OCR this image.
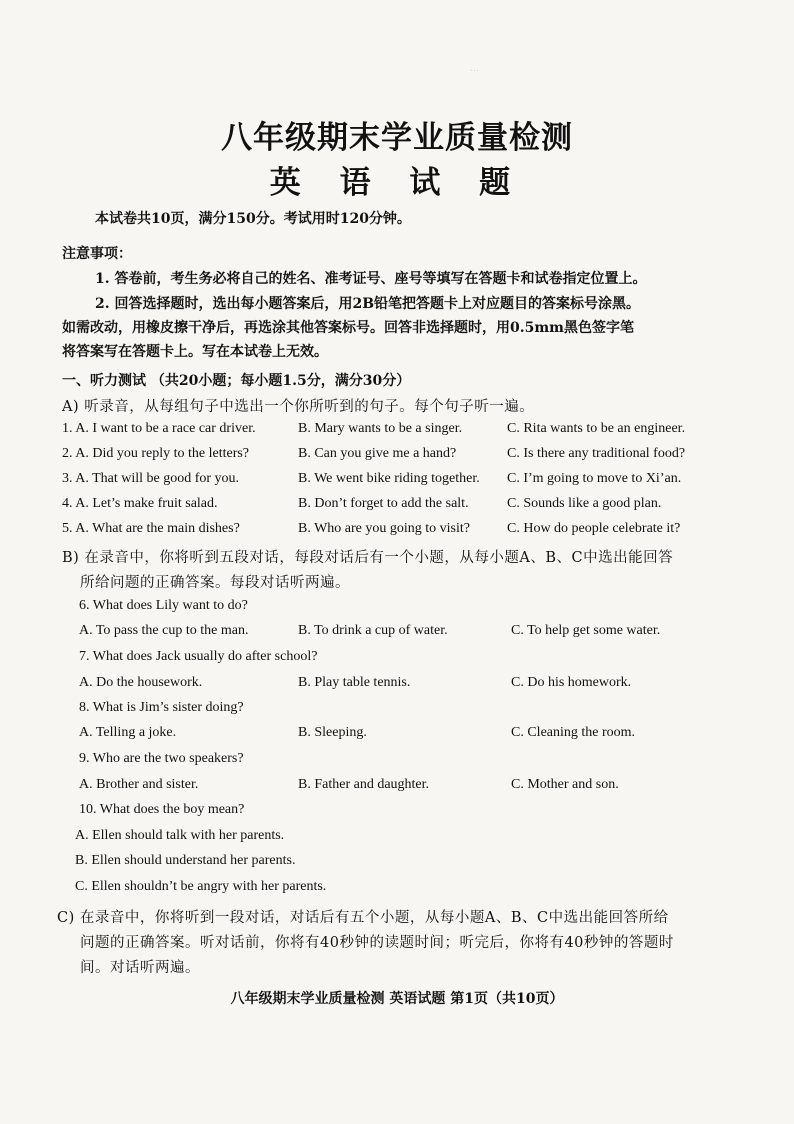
...
八年级期末学业质量检测
英 语 试 题
本试卷共10页，满分150分。考试用时120分钟。
注意事项：
1. 答卷前，考生务必将自己的姓名、准考证号、座号等填写在答题卡和试卷指定位置上。
2. 回答选择题时，选出每小题答案后，用2B铅笔把答题卡上对应题目的答案标号涂黑。
如需改动，用橡皮擦干净后，再选涂其他答案标号。回答非选择题时，用0.5mm黑色签字笔
将答案写在答题卡上。写在本试卷上无效。
一、听力测试 （共20小题；每小题1.5分，满分30分）
A) 听录音，从每组句子中选出一个你所听到的句子。每个句子听一遍。
1. A. I want to be a race car driver.	B. Mary wants to be a singer.	C. Rita wants to be an engineer.
2. A. Did you reply to the letters?	B. Can you give me a hand?	C. Is there any traditional food?
3. A. That will be good for you.	B. We went bike riding together. C. I’m going to move to Xi’an.
4. A. Let’s make fruit salad.	B. Don’t forget to add the salt.	C. Sounds like a good plan.
5. A. What are the main dishes?	B. Who are you going to visit?	C. How do people celebrate it?
B) 在录音中，你将听到五段对话，每段对话后有一个小题，从每小题A、B、C中选出能回答
所给问题的正确答案。每段对话听两遍。
6. What does Lily want to do?
A. To pass the cup to the man.	B. To drink a cup of water.	C. To help get some water.
7. What does Jack usually do after school?
A. Do the housework.	B. Play table tennis.	C. Do his homework.
8. What is Jim’s sister doing?
A. Telling a joke.	B. Sleeping.	C. Cleaning the room.
9. Who are the two speakers?
A. Brother and sister.	B. Father and daughter.	C. Mother and son.
10. What does the boy mean?
A. Ellen should talk with her parents.
B. Ellen should understand her parents.
C. Ellen shouldn’t be angry with her parents.
C) 在录音中，你将听到一段对话，对话后有五个小题，从每小题A、B、C中选出能回答所给
问题的正确答案。听对话前，你将有40秒钟的读题时间；听完后，你将有40秒钟的答题时
间。对话听两遍。
八年级期末学业质量检测 英语试题 第1页（共10页）
